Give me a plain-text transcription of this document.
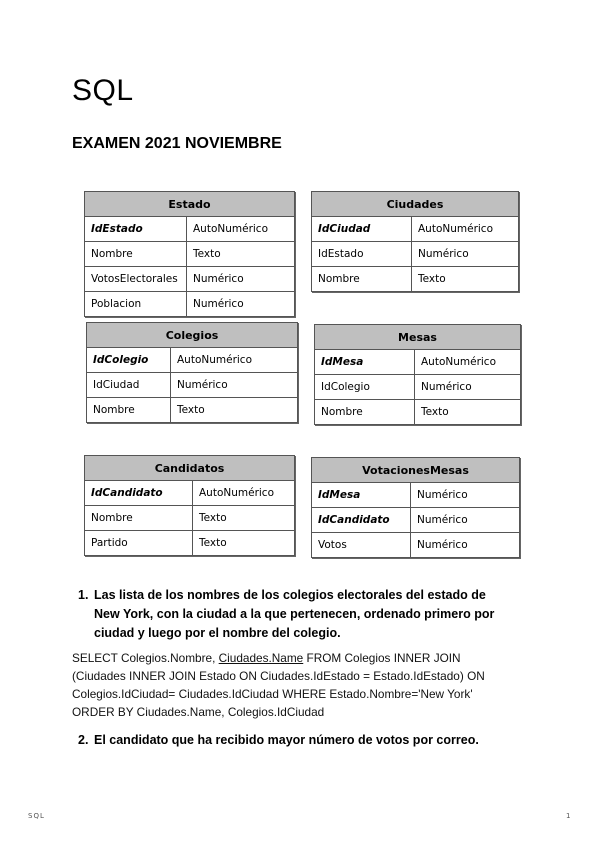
SQL
EXAMEN 2021 NOVIEMBRE
Estado	
IdEstado	AutoNumérico
Nombre	Texto
VotosElectorales	Numérico
Poblacion	Numérico
Ciudades	
IdCiudad	AutoNumérico
IdEstado	Numérico
Nombre	Texto
Colegios	
IdColegio	AutoNumérico
IdCiudad	Numérico
Nombre	Texto
Mesas	
IdMesa	AutoNumérico
IdColegio	Numérico
Nombre	Texto
Candidatos	
IdCandidato	AutoNumérico
Nombre	Texto
Partido	Texto
VotacionesMesas	
IdMesa	Numérico
IdCandidato	Numérico
Votos	Numérico
1. Las lista de los nombres de los colegios electorales del estado de New York, con la ciudad a la que pertenecen, ordenado primero por ciudad y luego por el nombre del colegio.
2. El candidato que ha recibido mayor número de votos por correo.

SELECT Colegios.Nombre, Ciudades.Name FROM Colegios INNER JOIN (Ciudades INNER JOIN Estado ON Ciudades.IdEstado = Estado.IdEstado) ON Colegios.IdCiudad= Ciudades.IdCiudad WHERE Estado.Nombre='New York' ORDER BY Ciudades.Name, Colegios.IdCiudad

SQL	1
